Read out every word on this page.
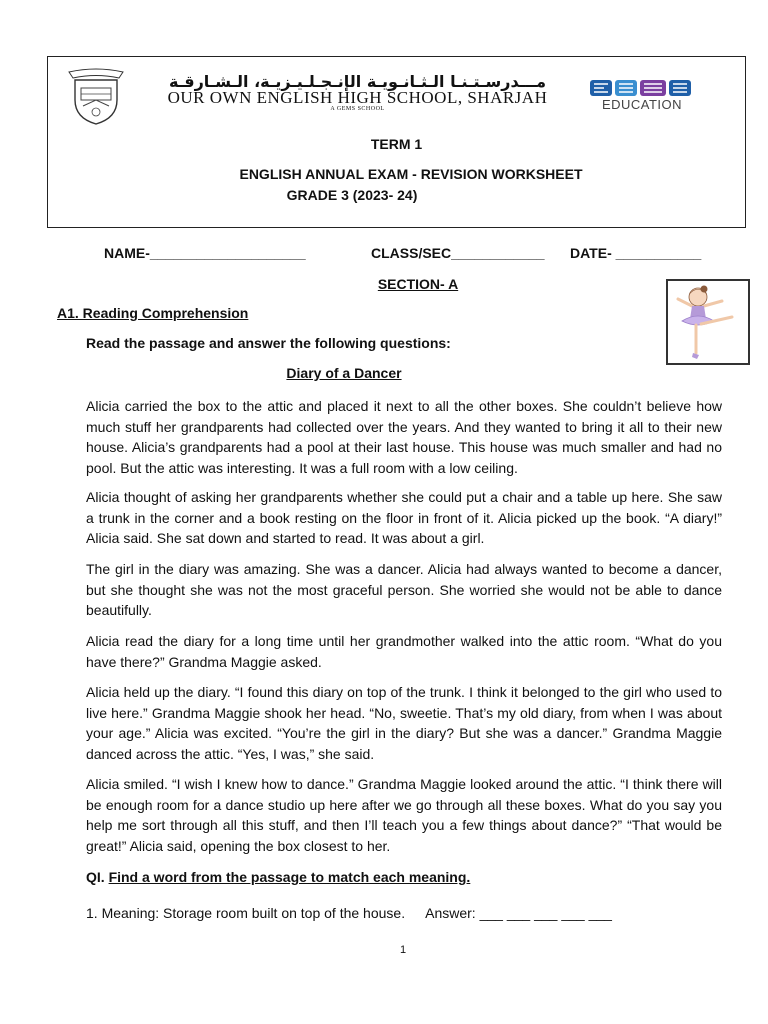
مـــدرسـتـنـا الـثـانـويـة الإنـجـلـيـزيـة، الـشـارقـة
OUR OWN ENGLISH HIGH SCHOOL, SHARJAH
A GEMS SCHOOL	EDUCATION
TERM 1
ENGLISH ANNUAL EXAM - REVISION WORKSHEET
GRADE 3 (2023- 24)
NAME-____________________	CLASS/SEC____________ DATE- ___________
SECTION- A
A1. Reading Comprehension
Read the passage and answer the following questions:
Diary of a Dancer

Alicia carried the box to the attic and placed it next to all the other boxes. She couldn’t believe how much stuff her grandparents had collected over the years. And they wanted to bring it all to their new house. Alicia’s grandparents had a pool at their last house. This house was much smaller and had no pool. But the attic was interesting. It was a full room with a low ceiling.

Alicia thought of asking her grandparents whether she could put a chair and a table up here. She saw a trunk in the corner and a book resting on the floor in front of it. Alicia picked up the book. “A diary!” Alicia said. She sat down and started to read. It was about a girl.

The girl in the diary was amazing. She was a dancer. Alicia had always wanted to become a dancer, but she thought she was not the most graceful person. She worried she would not be able to dance beautifully.

Alicia read the diary for a long time until her grandmother walked into the attic room. “What do you have there?” Grandma Maggie asked.

Alicia held up the diary. “I found this diary on top of the trunk. I think it belonged to the girl who used to live here.” Grandma Maggie shook her head. “No, sweetie. That’s my old diary, from when I was about your age.” Alicia was excited. “You’re the girl in the diary? But she was a dancer.” Grandma Maggie danced across the attic. “Yes, I was,” she said.

Alicia smiled. “I wish I knew how to dance.” Grandma Maggie looked around the attic. “I think there will be enough room for a dance studio up here after we go through all these boxes. What do you say you help me sort through all this stuff, and then I’ll teach you a few things about dance?” “That would be great!” Alicia said, opening the box closest to her.

QI. Find a word from the passage to match each meaning.
1. Meaning: Storage room built on top of the house. Answer: ___ ___ ___ ___ ___
1
